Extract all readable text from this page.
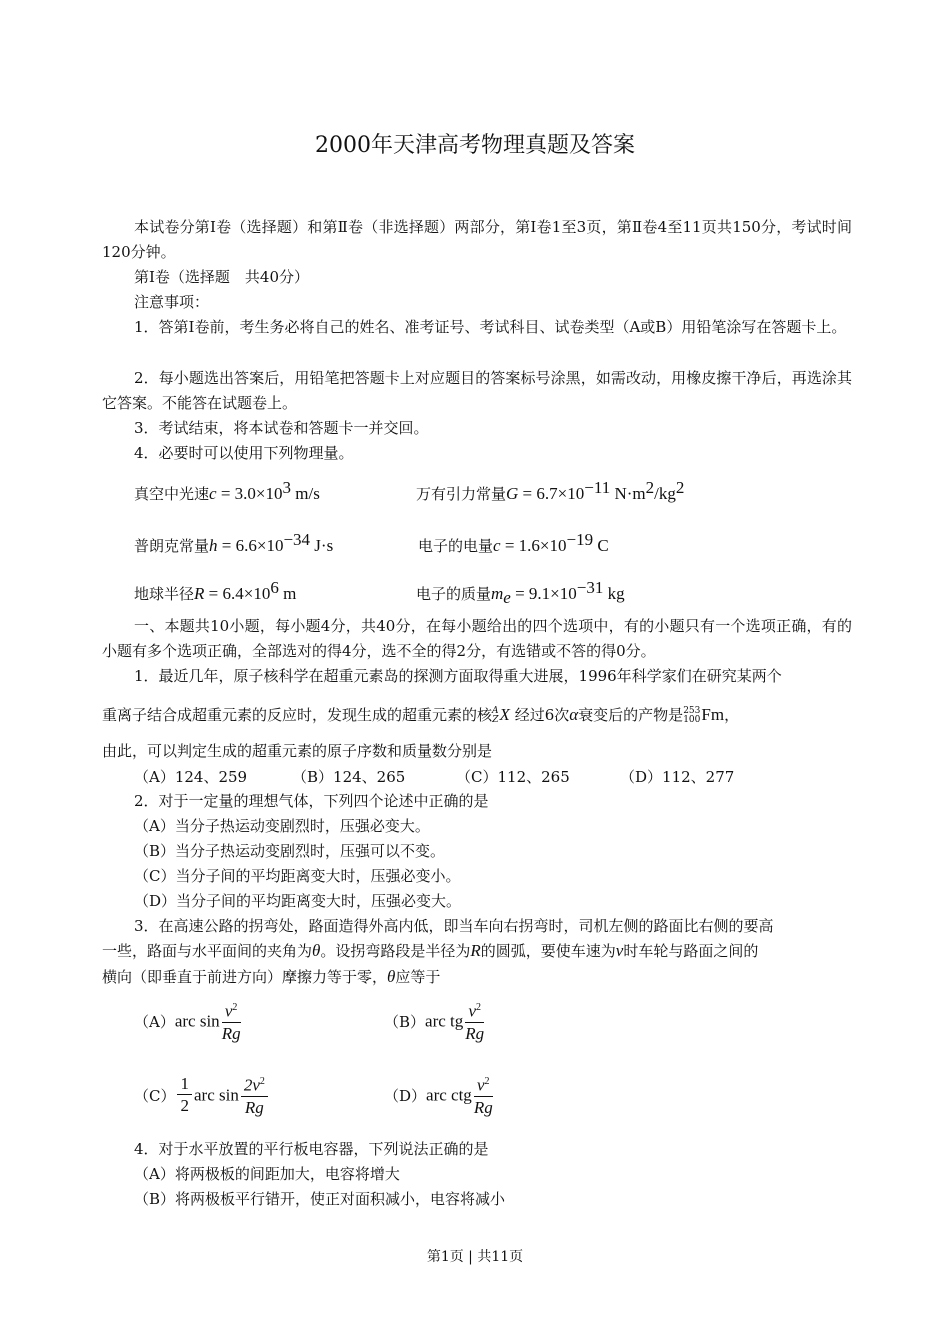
2000年天津高考物理真题及答案
本试卷分第Ⅰ卷（选择题）和第Ⅱ卷（非选择题）两部分，第Ⅰ卷1至3页，第Ⅱ卷4至11页共150分，考试时间120分钟。
第Ⅰ卷（选择题　共40分）
注意事项：
1．答第Ⅰ卷前，考生务必将自己的姓名、准考证号、考试科目、试卷类型（A或B）用铅笔涂写在答题卡上。
2．每小题选出答案后，用铅笔把答题卡上对应题目的答案标号涂黑，如需改动，用橡皮擦干净后，再选涂其它答案。不能答在试题卷上。
3．考试结束，将本试卷和答题卡一并交回。
4．必要时可以使用下列物理量。
真空中光速$c = 3.0\times 10^3$ m/s	万有引力常量$G = 6.7\times 10^{-11}$ $N\cdot m^2/kg^2$
普朗克常量$h = 6.6\times 10^{-34}$ J·s	电子的电量$c = 1.6\times 10^{-19}$ C
地球半径$R = 6.4\times 10^6$ m	电子的质量$m_e = 9.1\times 10^{-31}$ kg
一、本题共10小题，每小题4分，共40分，在每小题给出的四个选项中，有的小题只有一个选项正确，有的小题有多个选项正确，全部选对的得4分，选不全的得2分，有选错或不答的得0分。
1．最近几年，原子核科学在超重元素岛的探测方面取得重大进展，1996年科学家们在研究某两个
重离子结合成超重元素的反应时，发现生成的超重元素的核 A
Z X 经过6次α衰变后的产物是 253
100 Fm，
由此，可以判定生成的超重元素的原子序数和质量数分别是
（A）124、259	（B）124、265	（C）112、265	（D）112、277
2．对于一定量的理想气体，下列四个论述中正确的是
（A）当分子热运动变剧烈时，压强必变大。
（B）当分子热运动变剧烈时，压强可以不变。
（C）当分子间的平均距离变大时，压强必变小。
（D）当分子间的平均距离变大时，压强必变大。
3．在高速公路的拐弯处，路面造得外高内低，即当车向右拐弯时，司机左侧的路面比右侧的要高
一些，路面与水平面间的夹角为θ。设拐弯路段是半径为R的圆弧，要使车速为v时车轮与路面之间的
横向（即垂直于前进方向）摩擦力等于零，θ应等于
（A）arc $\sin \frac{v^2}{Rg}$	（B）arc tg $\frac{v^2}{Rg}$
$(C) \frac{1}{2}$ arc $\sin \frac{2v^2}{Rg}$	（D）arc ctg $\frac{v^2}{Rg}$
4．对于水平放置的平行板电容器，下列说法正确的是
（A）将两极板的间距加大，电容将增大
（B）将两极板平行错开，使正对面积减小，电容将减小
第1页 | 共11页
